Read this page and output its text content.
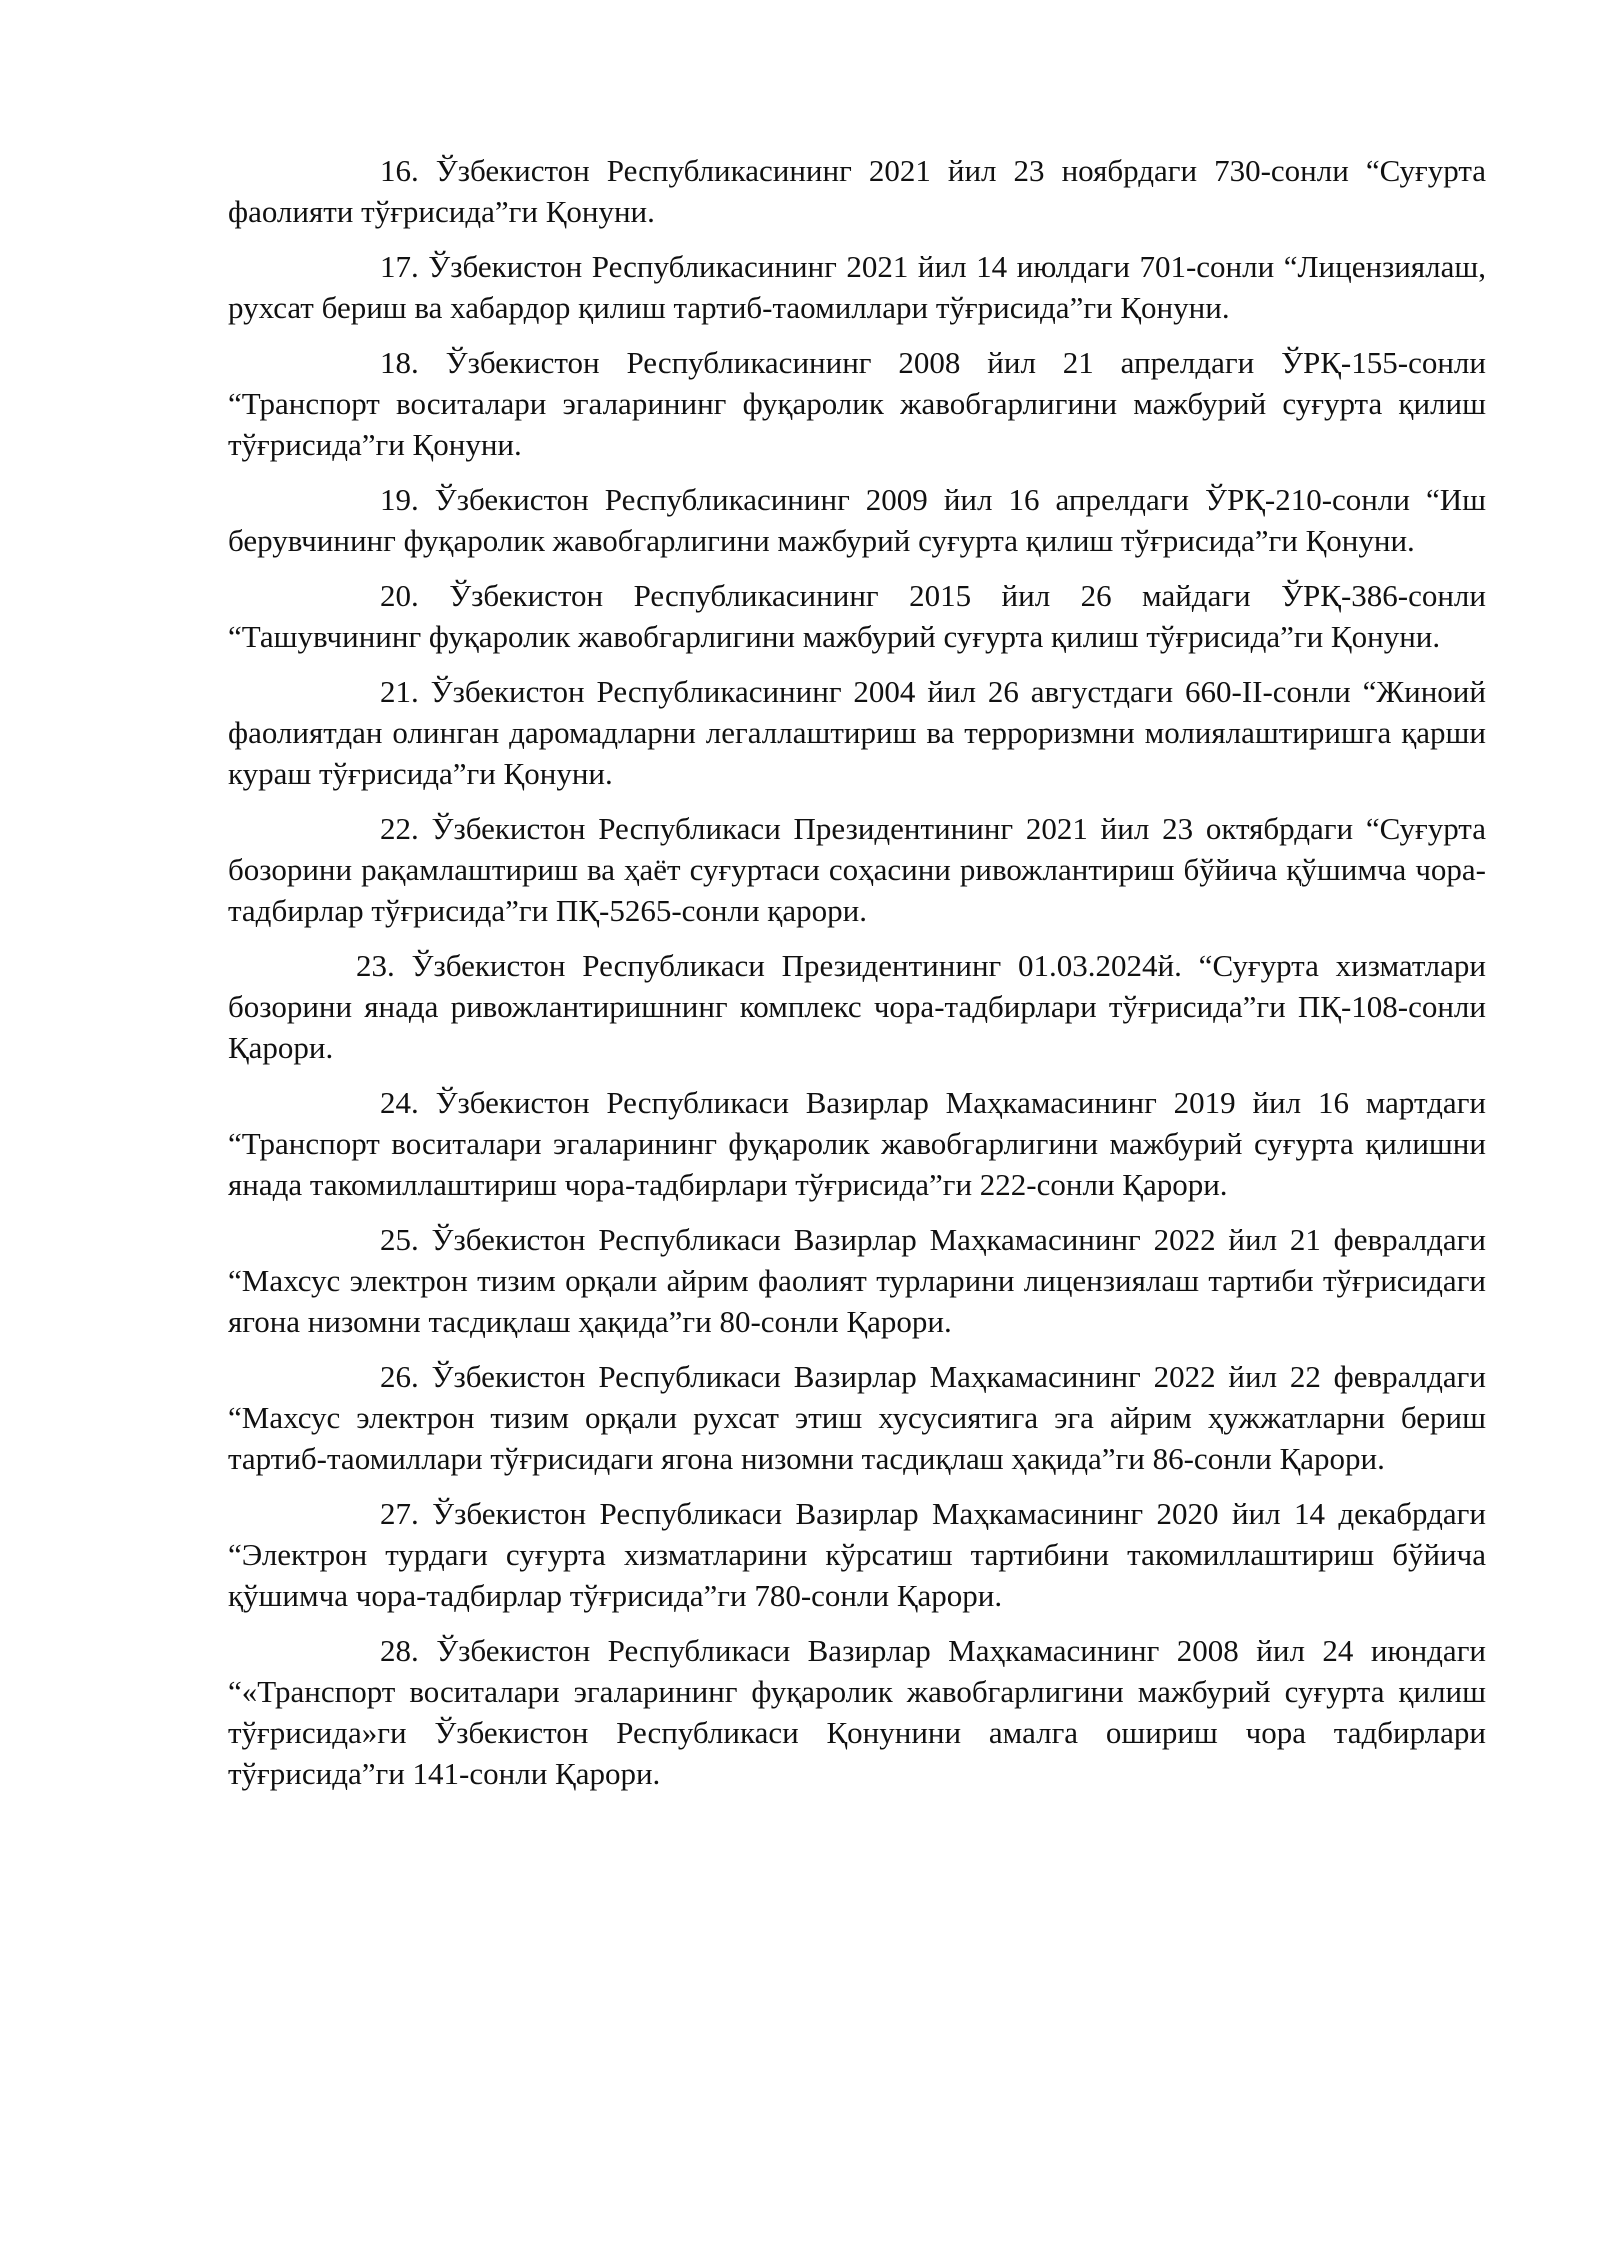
16. Ўзбекистон Республикасининг 2021 йил 23 ноябрдаги 730-сонли “Суғурта фаолияти тўғрисида”ги Қонуни.

17. Ўзбекистон Республикасининг 2021 йил 14 июлдаги 701-сонли “Лицензиялаш, рухсат бериш ва хабардор қилиш тартиб-таомиллари тўғрисида”ги Қонуни.

18. Ўзбекистон Республикасининг 2008 йил 21 апрелдаги ЎРҚ-155-сонли “Транспорт воситалари эгаларининг фуқаролик жавобгарлигини мажбурий суғурта қилиш тўғрисида”ги Қонуни.

19. Ўзбекистон Республикасининг 2009 йил 16 апрелдаги ЎРҚ-210-сонли “Иш берувчининг фуқаролик жавобгарлигини мажбурий суғурта қилиш тўғрисида”ги Қонуни.

20. Ўзбекистон Республикасининг 2015 йил 26 майдаги ЎРҚ-386-сонли “Ташувчининг фуқаролик жавобгарлигини мажбурий суғурта қилиш тўғрисида”ги Қонуни.

21. Ўзбекистон Республикасининг 2004 йил 26 августдаги 660-II-сонли “Жиноий фаолиятдан олинган даромадларни легаллаштириш ва терроризмни молиялаштиришга қарши кураш тўғрисида”ги Қонуни.

22. Ўзбекистон Республикаси Президентининг 2021 йил 23 октябрдаги “Суғурта бозорини рақамлаштириш ва ҳаёт суғуртаси соҳасини ривожлантириш бўйича қўшимча чора-тадбирлар тўғрисида”ги ПҚ-5265-сонли қарори.

23. Ўзбекистон Республикаси Президентининг 01.03.2024й. “Суғурта хизматлари бозорини янада ривожлантиришнинг комплекс чора-тадбирлари тўғрисида”ги ПҚ-108-сонли Қарори.

24. Ўзбекистон Республикаси Вазирлар Маҳкамасининг 2019 йил 16 мартдаги “Транспорт воситалари эгаларининг фуқаролик жавобгарлигини мажбурий суғурта қилишни янада такомиллаштириш чора-тадбирлари тўғрисида”ги 222-сонли Қарори.

25. Ўзбекистон Республикаси Вазирлар Маҳкамасининг 2022 йил 21 февралдаги “Махсус электрон тизим орқали айрим фаолият турларини лицензиялаш тартиби тўғрисидаги ягона низомни тасдиқлаш ҳақида”ги 80-сонли Қарори.

26. Ўзбекистон Республикаси Вазирлар Маҳкамасининг 2022 йил 22 февралдаги “Махсус электрон тизим орқали рухсат этиш хусусиятига эга айрим ҳужжатларни бериш тартиб-таомиллари тўғрисидаги ягона низомни тасдиқлаш ҳақида”ги 86-сонли Қарори.

27. Ўзбекистон Республикаси Вазирлар Маҳкамасининг 2020 йил 14 декабрдаги “Электрон турдаги суғурта хизматларини кўрсатиш тартибини такомиллаштириш бўйича қўшимча чора-тадбирлар тўғрисида”ги 780-сонли Қарори.

28. Ўзбекистон Республикаси Вазирлар Маҳкамасининг 2008 йил 24 июндаги “«Транспорт воситалари эгаларининг фуқаролик жавобгарлигини мажбурий суғурта қилиш тўғрисида»ги Ўзбекистон Республикаси Қонунини амалга ошириш чора тадбирлари тўғрисида”ги 141-сонли Қарори.
